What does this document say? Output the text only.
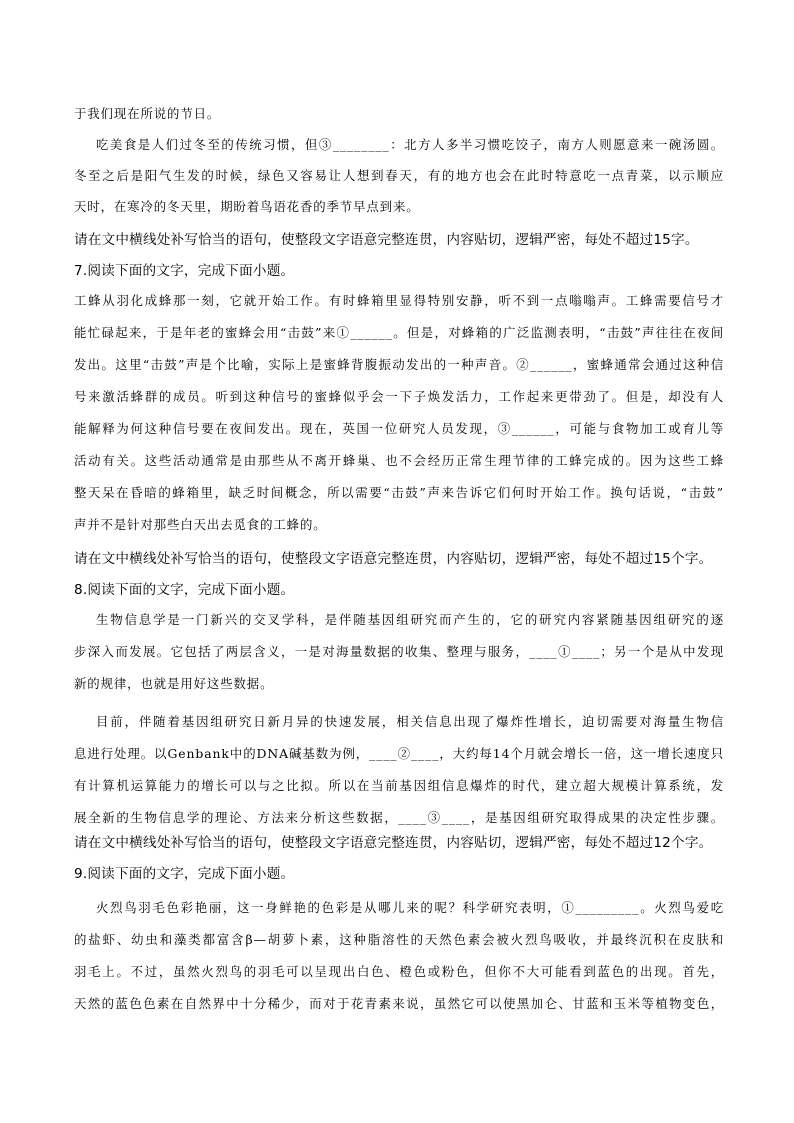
于我们现在所说的节日。
吃美食是人们过冬至的传统习惯，但③________：北方人多半习惯吃饺子，南方人则愿意来一碗汤圆。
冬至之后是阳气生发的时候，绿色又容易让人想到春天，有的地方也会在此时特意吃一点青菜，以示顺应
天时，在寒冷的冬天里，期盼着鸟语花香的季节早点到来。
请在文中横线处补写恰当的语句，使整段文字语意完整连贯，内容贴切，逻辑严密，每处不超过15字。
7.阅读下面的文字，完成下面小题。
工蜂从羽化成蜂那一刻，它就开始工作。有时蜂箱里显得特别安静，听不到一点嗡嗡声。工蜂需要信号才
能忙碌起来，于是年老的蜜蜂会用“击鼓”来①______。但是，对蜂箱的广泛监测表明，“击鼓”声往往在夜间
发出。这里“击鼓”声是个比喻，实际上是蜜蜂背腹振动发出的一种声音。②______，蜜蜂通常会通过这种信
号来激活蜂群的成员。听到这种信号的蜜蜂似乎会一下子焕发活力，工作起来更带劲了。但是，却没有人
能解释为何这种信号要在夜间发出。现在，英国一位研究人员发现，③______，可能与食物加工或育儿等
活动有关。这些活动通常是由那些从不离开蜂巢、也不会经历正常生理节律的工蜂完成的。因为这些工蜂
整天呆在昏暗的蜂箱里，缺乏时间概念，所以需要“击鼓”声来告诉它们何时开始工作。换句话说，“击鼓”
声并不是针对那些白天出去觅食的工蜂的。
请在文中横线处补写恰当的语句，使整段文字语意完整连贯，内容贴切，逻辑严密，每处不超过15个字。
8.阅读下面的文字，完成下面小题。
生物信息学是一门新兴的交叉学科，是伴随基因组研究而产生的，它的研究内容紧随基因组研究的逐
步深入而发展。它包括了两层含义，一是对海量数据的收集、整理与服务，____①____；另一个是从中发现
新的规律，也就是用好这些数据。
目前，伴随着基因组研究日新月异的快速发展，相关信息出现了爆炸性增长，迫切需要对海量生物信
息进行处理。以Genbank中的DNA碱基数为例，____②____，大约每14个月就会增长一倍，这一增长速度只
有计算机运算能力的增长可以与之比拟。所以在当前基因组信息爆炸的时代，建立超大规模计算系统，发
展全新的生物信息学的理论、方法来分析这些数据，____③____，是基因组研究取得成果的决定性步骤。
请在文中横线处补写恰当的语句，使整段文字语意完整连贯，内容贴切，逻辑严密，每处不超过12个字。
9.阅读下面的文字，完成下面小题。
火烈鸟羽毛色彩艳丽，这一身鲜艳的色彩是从哪儿来的呢？科学研究表明，①_________。火烈鸟爱吃
的盐虾、幼虫和藻类都富含β—胡萝卜素，这种脂溶性的天然色素会被火烈鸟吸收，并最终沉积在皮肤和
羽毛上。不过，虽然火烈鸟的羽毛可以呈现出白色、橙色或粉色，但你不大可能看到蓝色的出现。首先，
天然的蓝色色素在自然界中十分稀少，而对于花青素来说，虽然它可以使黑加仑、甘蓝和玉米等植物变色，
